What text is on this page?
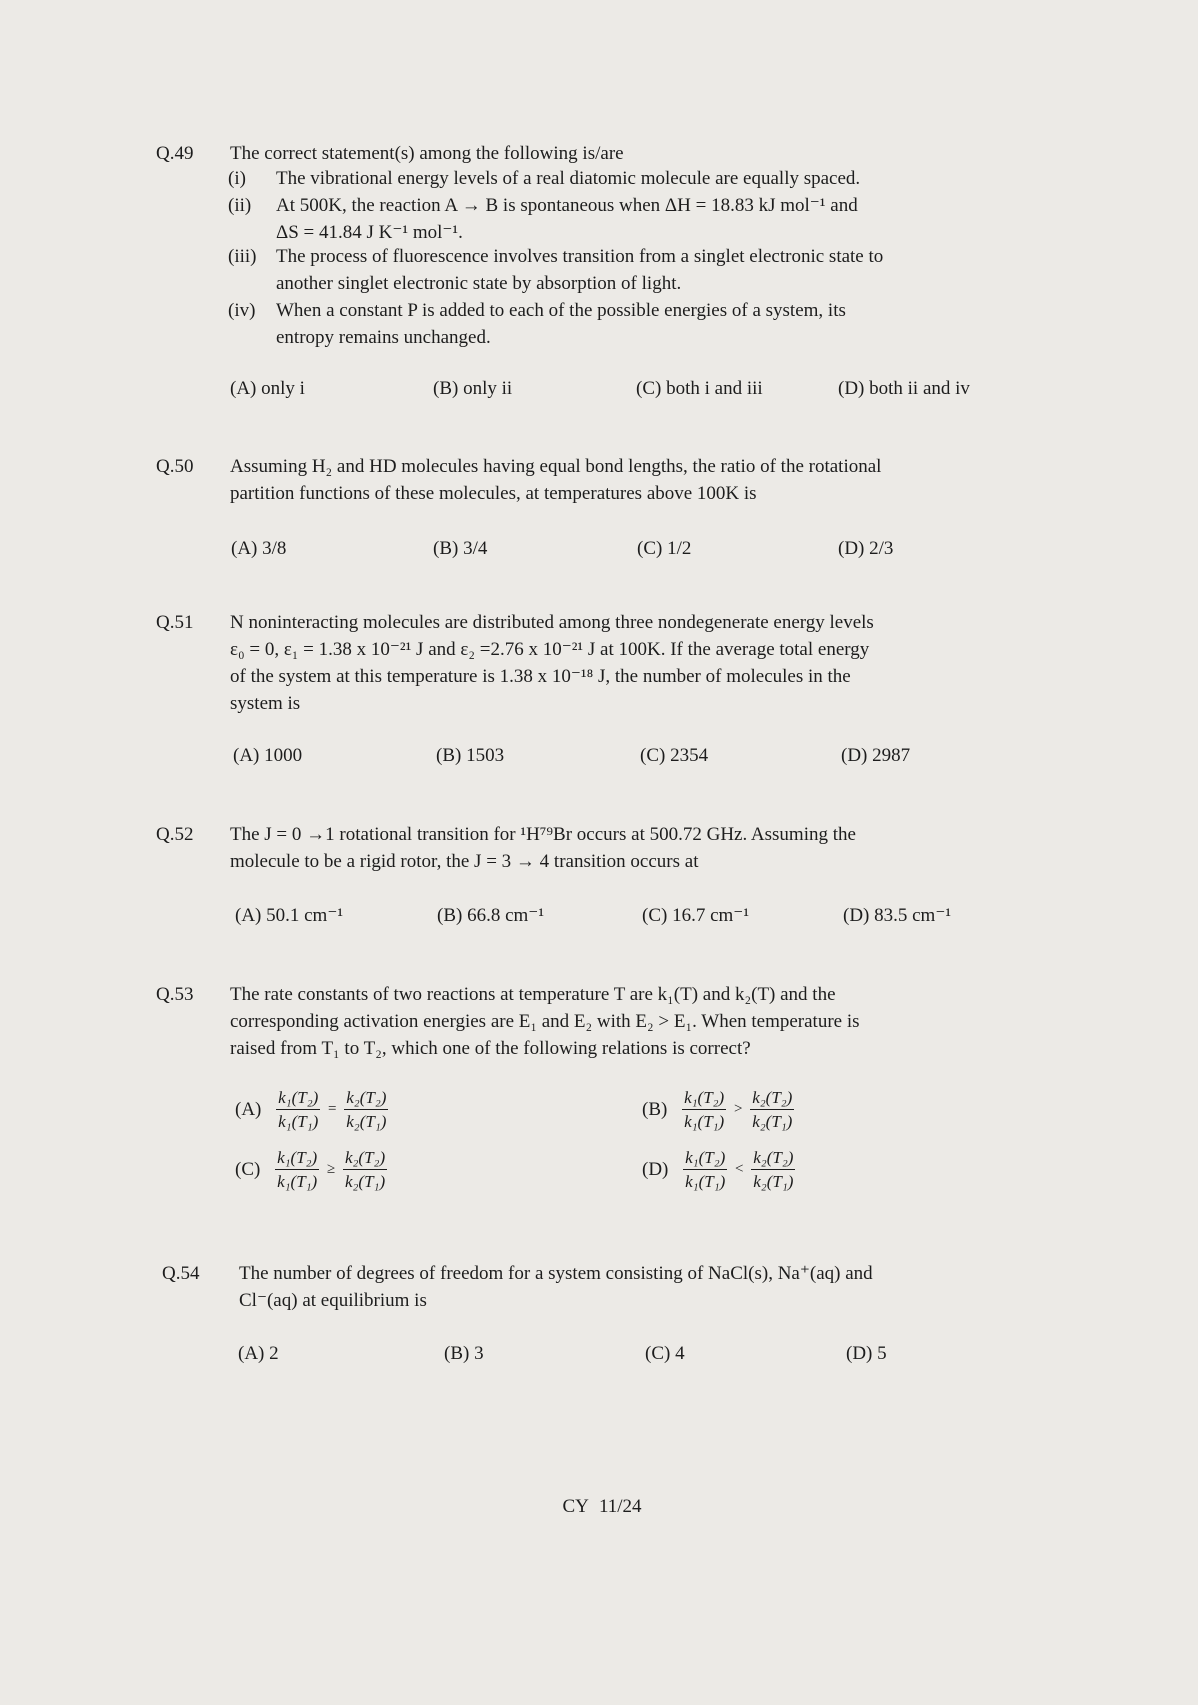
Q.49 The correct statement(s) among the following is/are
(i) The vibrational energy levels of a real diatomic molecule are equally spaced.
(ii) At 500K, the reaction A → B is spontaneous when ΔH = 18.83 kJ mol⁻¹ and
ΔS = 41.84 J K⁻¹ mol⁻¹.
(iii) The process of fluorescence involves transition from a singlet electronic state to
another singlet electronic state by absorption of light.
(iv) When a constant P is added to each of the possible energies of a system, its
entropy remains unchanged.
(A) only i	(B) only ii	(C) both i and iii	(D) both ii and iv
Q.50 Assuming H₂ and HD molecules having equal bond lengths, the ratio of the rotational
partition functions of these molecules, at temperatures above 100K is
(A) 3/8	(B) 3/4	(C) 1/2	(D) 2/3
Q.51 N noninteracting molecules are distributed among three nondegenerate energy levels
ε₀ = 0, ε₁ = 1.38 x 10⁻²¹ J and ε₂ =2.76 x 10⁻²¹ J at 100K. If the average total energy
of the system at this temperature is 1.38 x 10⁻¹⁸ J, the number of molecules in the
system is
(A) 1000	(B) 1503	(C) 2354	(D) 2987
Q.52 The J = 0 →1 rotational transition for ¹H⁷⁹Br occurs at 500.72 GHz. Assuming the
molecule to be a rigid rotor, the J = 3 → 4 transition occurs at
(A) 50.1 cm⁻¹	(B) 66.8 cm⁻¹	(C) 16.7 cm⁻¹	(D) 83.5 cm⁻¹
Q.53 The rate constants of two reactions at temperature T are k₁(T) and k₂(T) and the
corresponding activation energies are E₁ and E₂ with E₂ > E₁. When temperature is
raised from T₁ to T₂, which one of the following relations is correct?
$(A) \frac{\text{k₁(T₂)}}{\text{k₁(T₁)}} = \frac{\text{k₂(T₂)}}{\text{k₂(T₁)}}$	$(B) \frac{\text{k₁(T₂)}}{\text{k₁(T₁)}} > \frac{\text{k₂(T₂)}}{\text{k₂(T₁)}}$
$(C) \frac{\text{k₁(T₂)}}{\text{k₁(T₁)}} \ge \frac{\text{k₂(T₂)}}{\text{k₂(T₁)}}$	$(D) \frac{\text{k₁(T₂)}}{\text{k₁(T₁)}} < \frac{\text{k₂(T₂)}}{\text{k₂(T₁)}}$
Q.54 The number of degrees of freedom for a system consisting of NaCl(s), Na⁺(aq) and
Cl⁻(aq) at equilibrium is
(A) 2	(B) 3	(C) 4	(D) 5
CY 11/24
